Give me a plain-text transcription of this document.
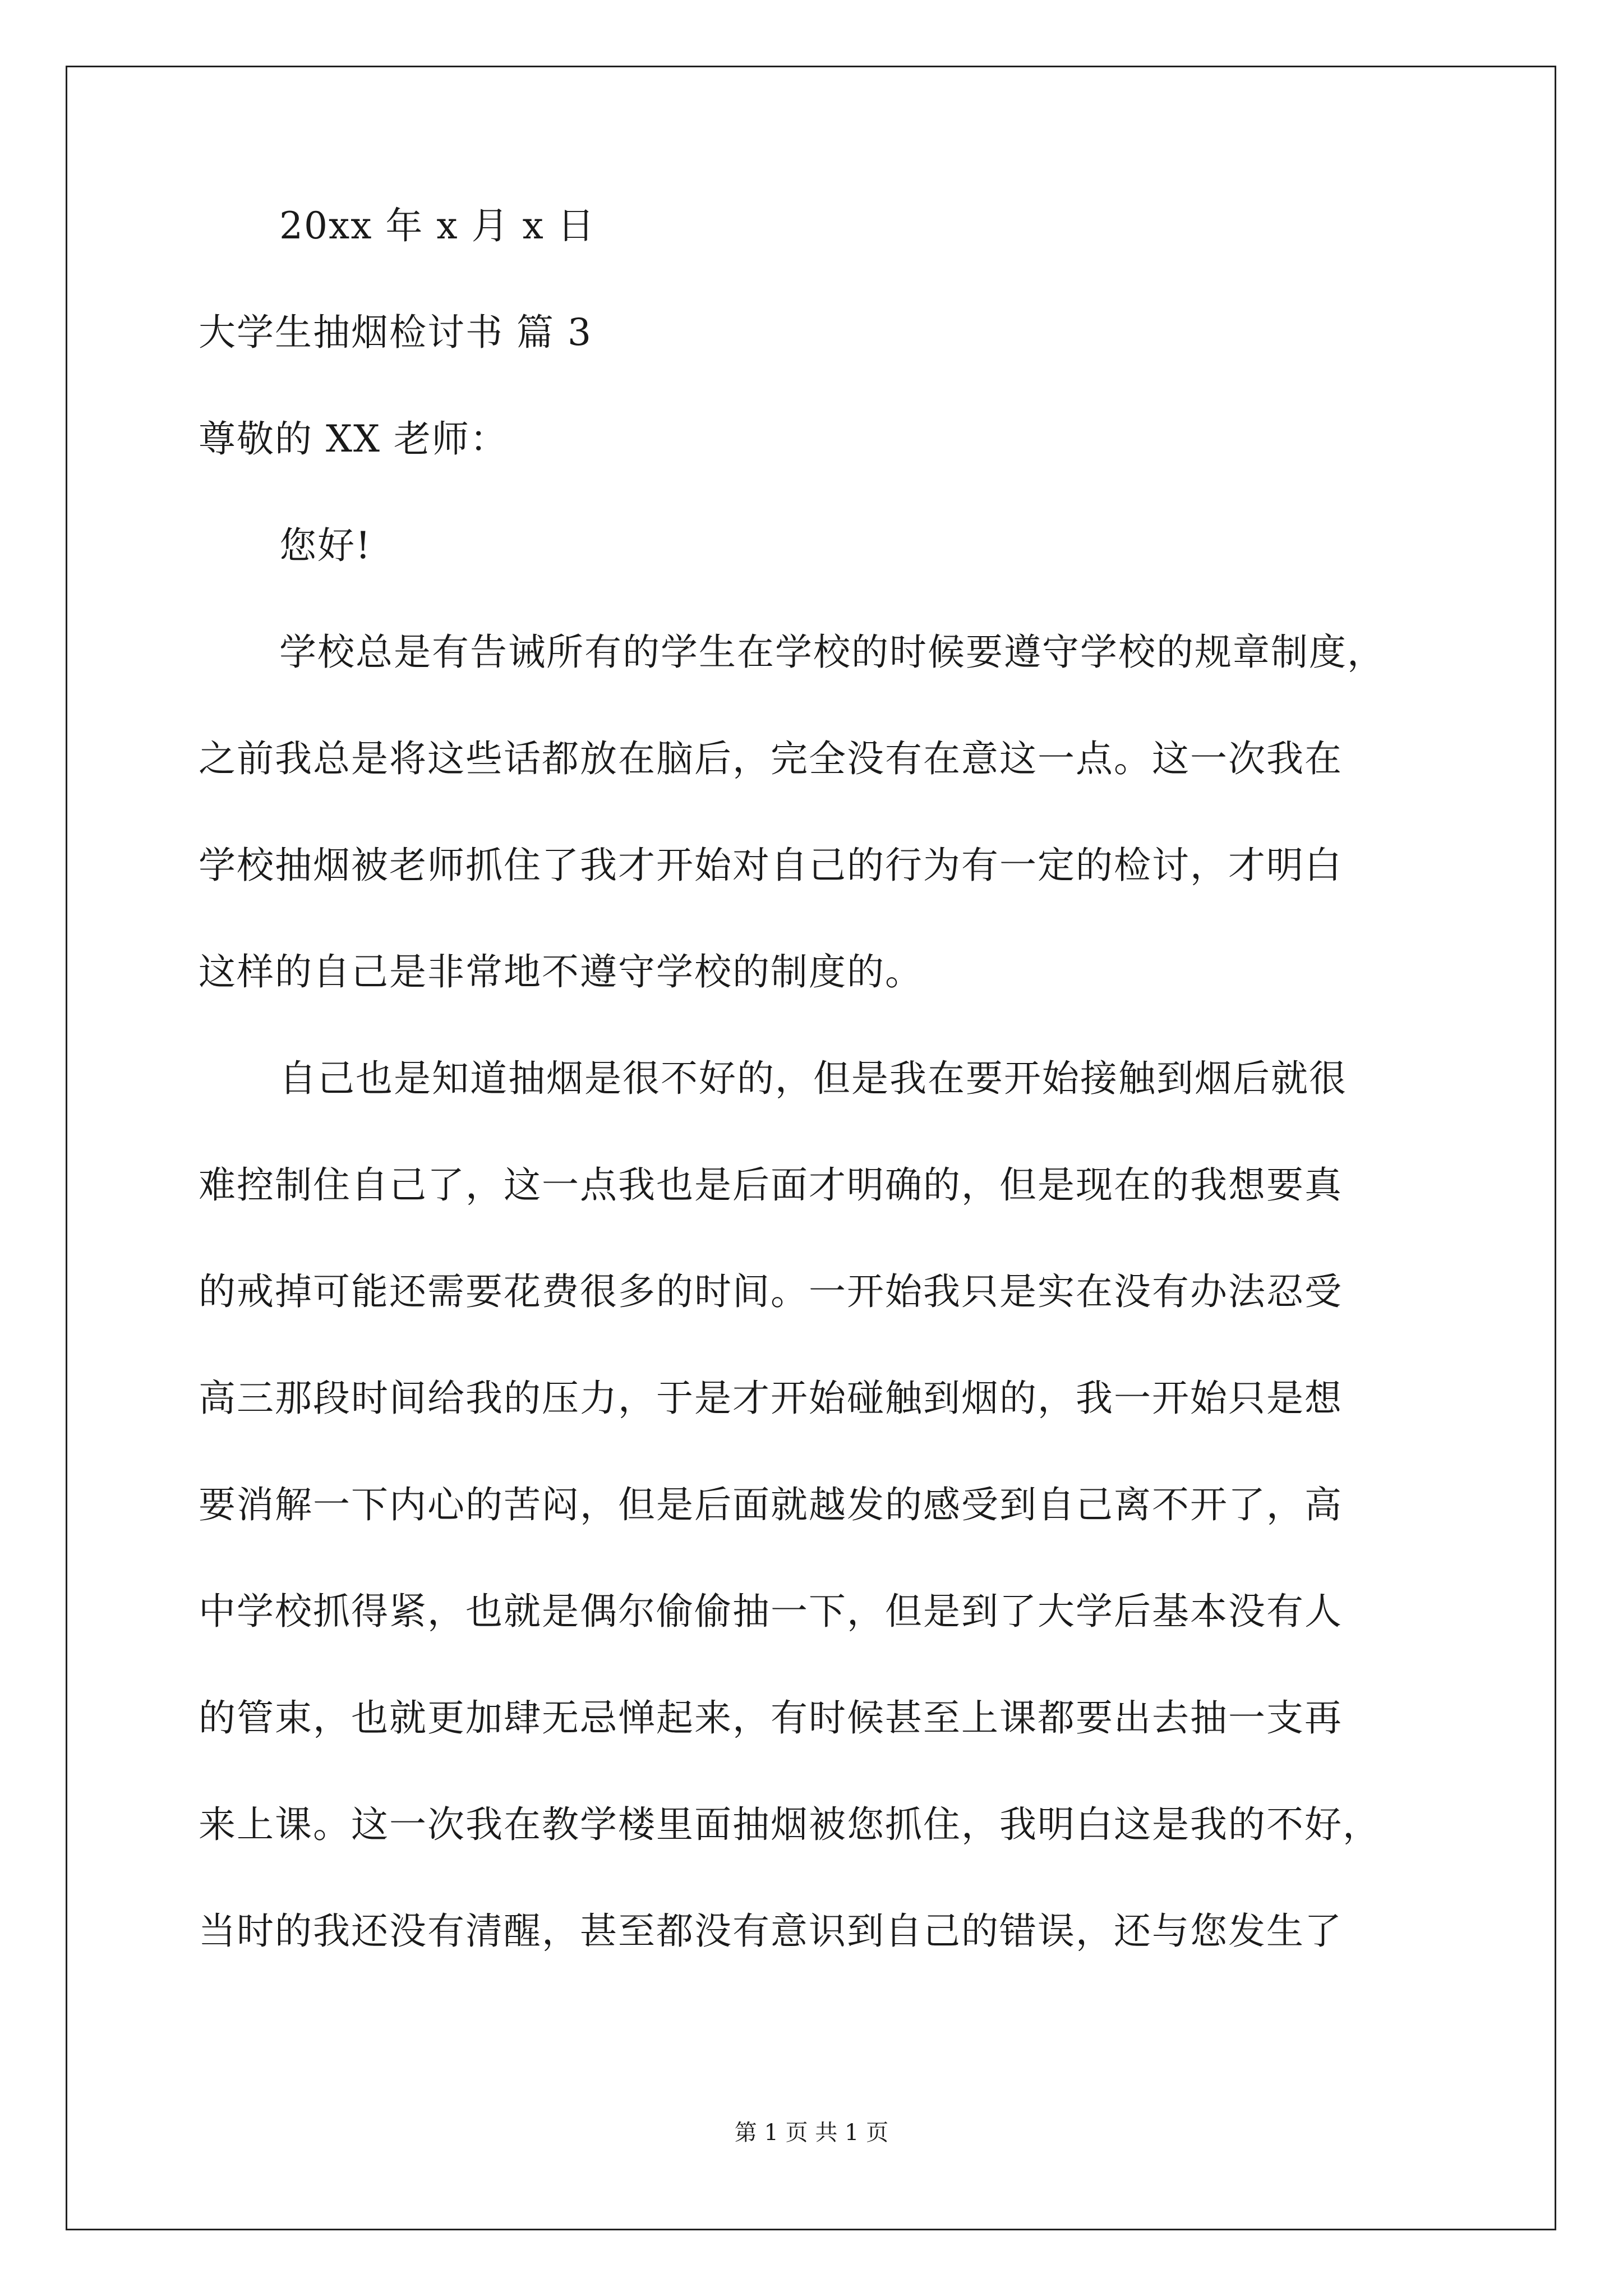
20xx 年 x 月 x 日
大学生抽烟检讨书 篇 3
尊敬的 XX 老师：
您好!
学校总是有告诫所有的学生在学校的时候要遵守学校的规章制度，
之前我总是将这些话都放在脑后，完全没有在意这一点。这一次我在
学校抽烟被老师抓住了我才开始对自己的行为有一定的检讨，才明白
这样的自己是非常地不遵守学校的制度的。
自己也是知道抽烟是很不好的，但是我在要开始接触到烟后就很
难控制住自己了，这一点我也是后面才明确的，但是现在的我想要真
的戒掉可能还需要花费很多的时间。一开始我只是实在没有办法忍受
高三那段时间给我的压力，于是才开始碰触到烟的，我一开始只是想
要消解一下内心的苦闷，但是后面就越发的感受到自己离不开了，高
中学校抓得紧，也就是偶尔偷偷抽一下，但是到了大学后基本没有人
的管束，也就更加肆无忌惮起来，有时候甚至上课都要出去抽一支再
来上课。这一次我在教学楼里面抽烟被您抓住，我明白这是我的不好，
当时的我还没有清醒，甚至都没有意识到自己的错误，还与您发生了
第 1 页 共 1 页
